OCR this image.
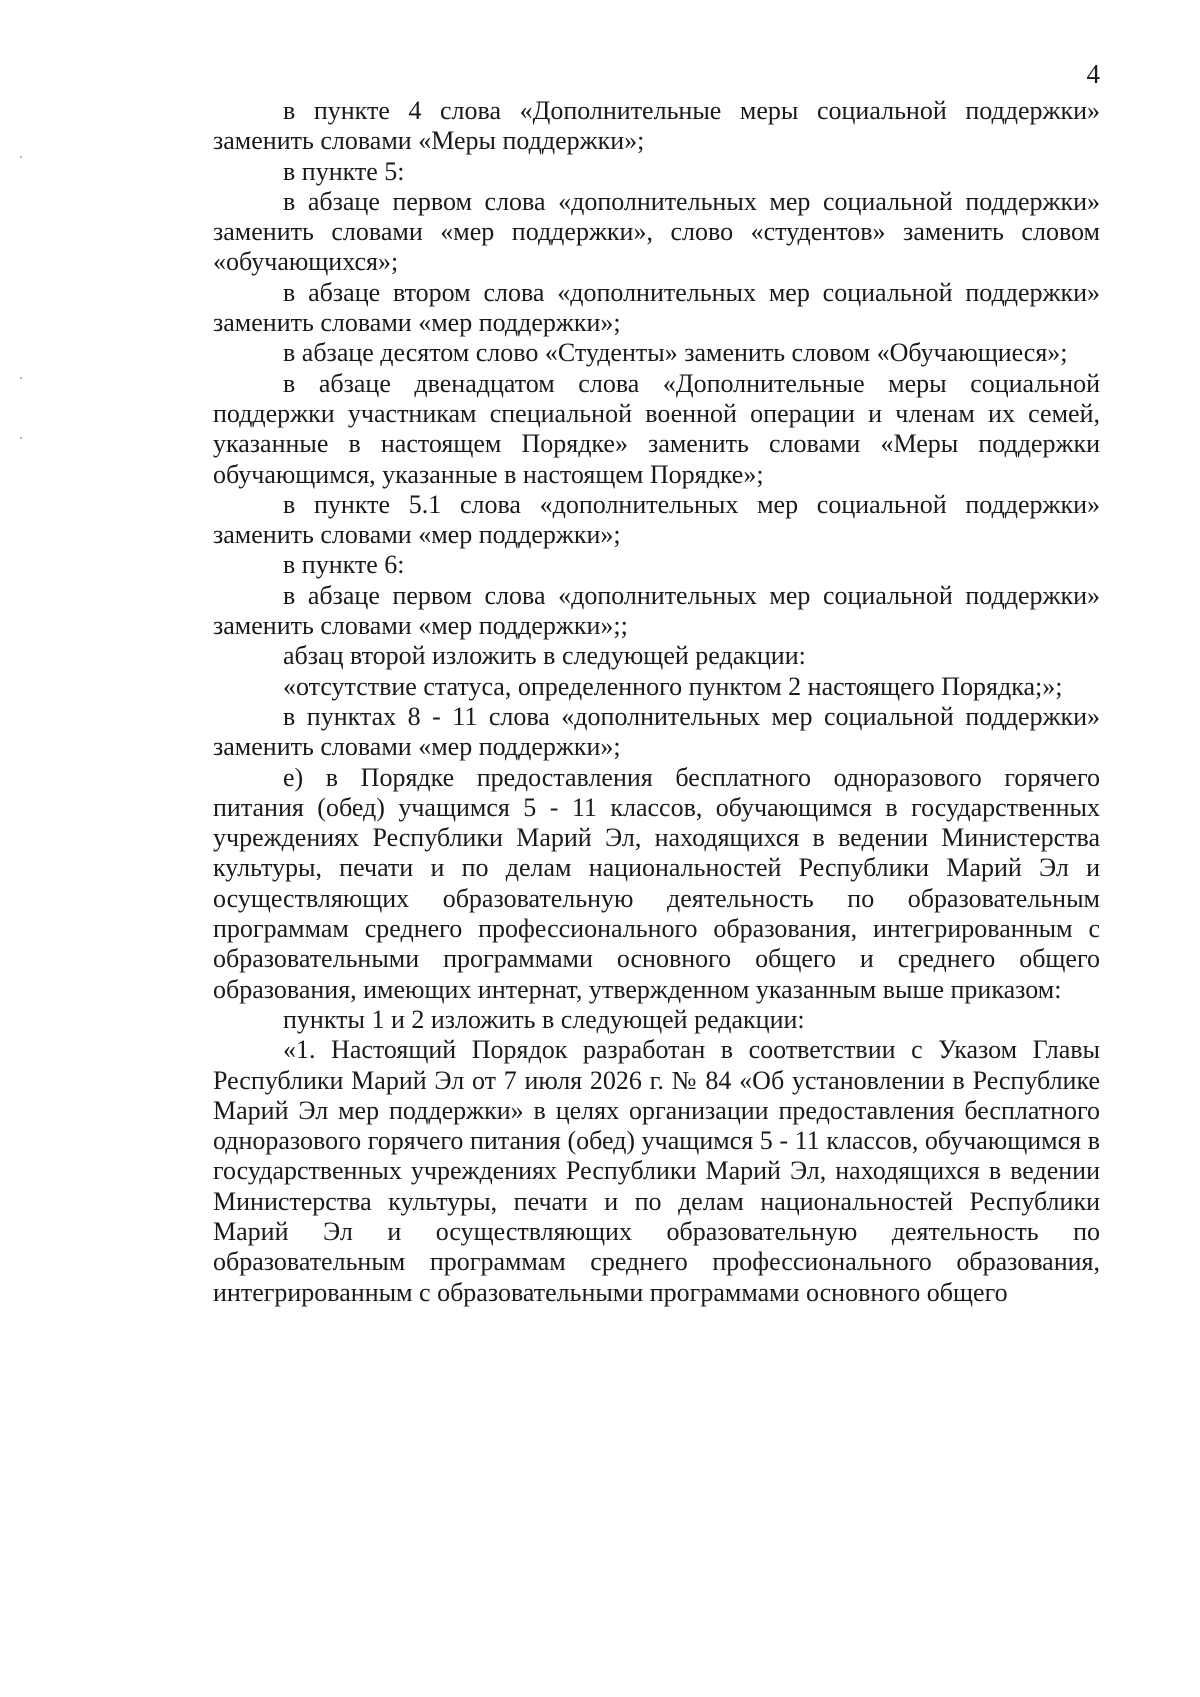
4

в пункте 4 слова «Дополнительные меры социальной поддержки» заменить словами «Меры поддержки»;

в пункте 5:

в абзаце первом слова «дополнительных мер социальной поддержки» заменить словами «мер поддержки», слово «студентов» заменить словом «обучающихся»;

в абзаце втором слова «дополнительных мер социальной поддержки» заменить словами «мер поддержки»;

в абзаце десятом слово «Студенты» заменить словом «Обучающиеся»;

в абзаце двенадцатом слова «Дополнительные меры социальной поддержки участникам специальной военной операции и членам их семей, указанные в настоящем Порядке» заменить словами «Меры поддержки обучающимся, указанные в настоящем Порядке»;

в пункте 5.1 слова «дополнительных мер социальной поддержки» заменить словами «мер поддержки»;

в пункте 6:

в абзаце первом слова «дополнительных мер социальной поддержки» заменить словами «мер поддержки»;;

абзац второй изложить в следующей редакции:

«отсутствие статуса, определенного пунктом 2 настоящего Порядка;»;

в пунктах 8 - 11 слова «дополнительных мер социальной поддержки» заменить словами «мер поддержки»;

е) в Порядке предоставления бесплатного одноразового горячего питания (обед) учащимся 5 - 11 классов, обучающимся в государственных учреждениях Республики Марий Эл, находящихся в ведении Министерства культуры, печати и по делам национальностей Республики Марий Эл и осуществляющих образовательную деятельность по образовательным программам среднего профессионального образования, интегрированным с образовательными программами основного общего и среднего общего образования, имеющих интернат, утвержденном указанным выше приказом:

пункты 1 и 2 изложить в следующей редакции:

«1. Настоящий Порядок разработан в соответствии с Указом Главы Республики Марий Эл от 7 июля 2026 г. № 84 «Об установлении в Республике Марий Эл мер поддержки» в целях организации предоставления бесплатного одноразового горячего питания (обед) учащимся 5 - 11 классов, обучающимся в государственных учреждениях Республики Марий Эл, находящихся в ведении Министерства культуры, печати и по делам национальностей Республики Марий Эл и осуществляющих образовательную деятельность по образовательным программам среднего профессионального образования, интегрированным с образовательными программами основного общего
